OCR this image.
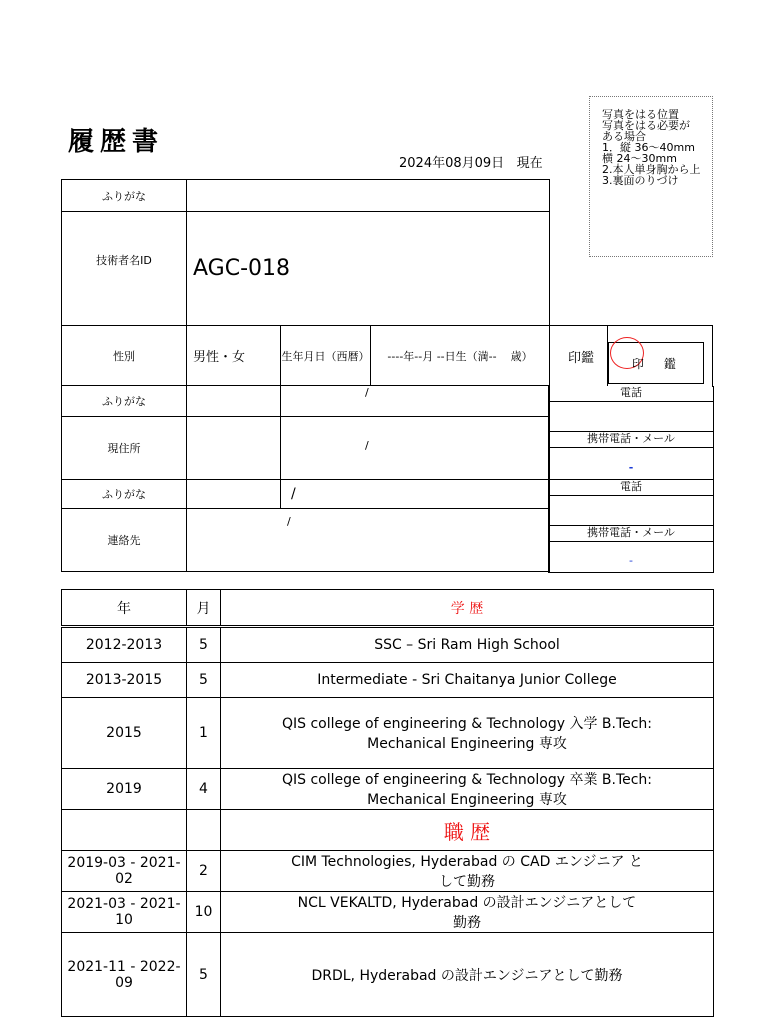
履歴書
2024年08月09日 現在
写真をはる位置
写真をはる必要が
ある場合
1．縦 36～40mm
横 24～30mm
2.本人単身胸から上
3.裏面のりづけ
ふりがな			
技術者名ID	AGC-018		
性別	男性・女	生年月日（西暦）	----年--月 --日生（満-- 歳）
ふりがな		/	
現住所		/	
ふりがな		/	
連絡先	/		
印鑑	印 鑑
電話
携帯電話・メール
-
電話
携帯電話・メール
-
年	月	学 歴
2012-2013	5	SSC – Sri Ram High School
2013-2015	5	Intermediate - Sri Chaitanya Junior College
2015	1	QIS college of engineering & Technology 入学 B.Tech: Mechanical Engineering 専攻
2019	4	QIS college of engineering & Technology 卒業 B.Tech: Mechanical Engineering 専攻
		職 歴
2019-03 - 2021-02	2	CIM Technologies, Hyderabad の CAD エンジニア として勤務
2021-03 - 2021-10	10	NCL VEKALTD, Hyderabad の設計エンジニアとして勤務
2021-11 - 2022-09	5	DRDL, Hyderabad の設計エンジニアとして勤務
